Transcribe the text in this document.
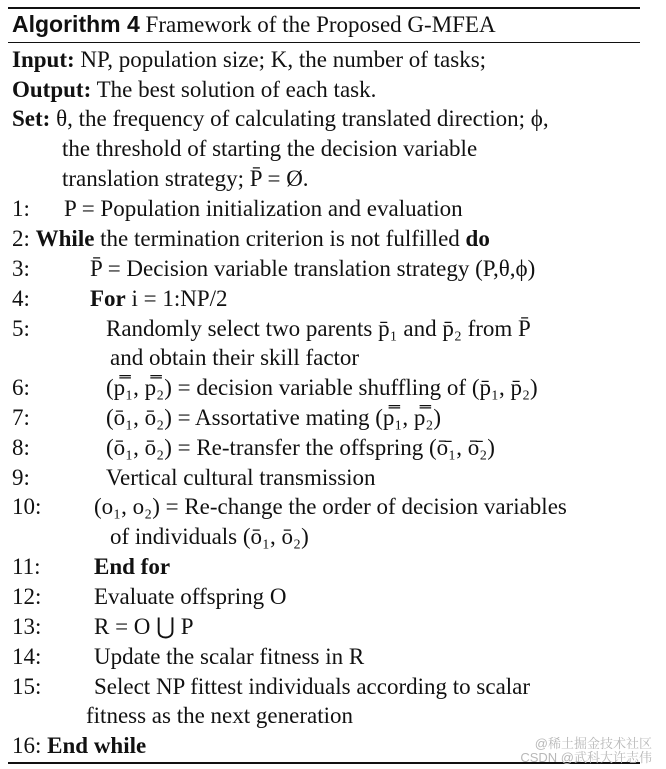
Algorithm 4 Framework of the Proposed G-MFEA
Input: NP, population size; K, the number of tasks;
Output: The best solution of each task.
Set: θ, the frequency of calculating translated direction; ϕ,
the threshold of starting the decision variable
translation strategy; P̄ = Ø.
1: P = Population initialization and evaluation
2: While the termination criterion is not fulfilled do
3:	P̄ = Decision variable translation strategy (P,θ,ϕ)
4:	For i = 1:NP/2
5:	Randomly select two parents p̄₁ and p̄₂ from P̄
and obtain their skill factor
6:	(p̿₁, p̿₂) = decision variable shuffling of (p̄₁, p̄₂)
7:	(ō₁, ō₂) = Assortative mating (p̿₁, p̿₂)
8:	(ō₁, ō₂) = Re-transfer the offspring (ō̄₁, ō̄₂)
9:	Vertical cultural transmission
10: (o₁, o₂) = Re-change the order of decision variables
of individuals (ō₁, ō₂)
11: End for
12: Evaluate offspring O
13: R = O ⋃ P
14: Update the scalar fitness in R
15: Select NP fittest individuals according to scalar
fitness as the next generation
16: End while	@稀土掘金技术社区
CSDN @武科大许志伟
